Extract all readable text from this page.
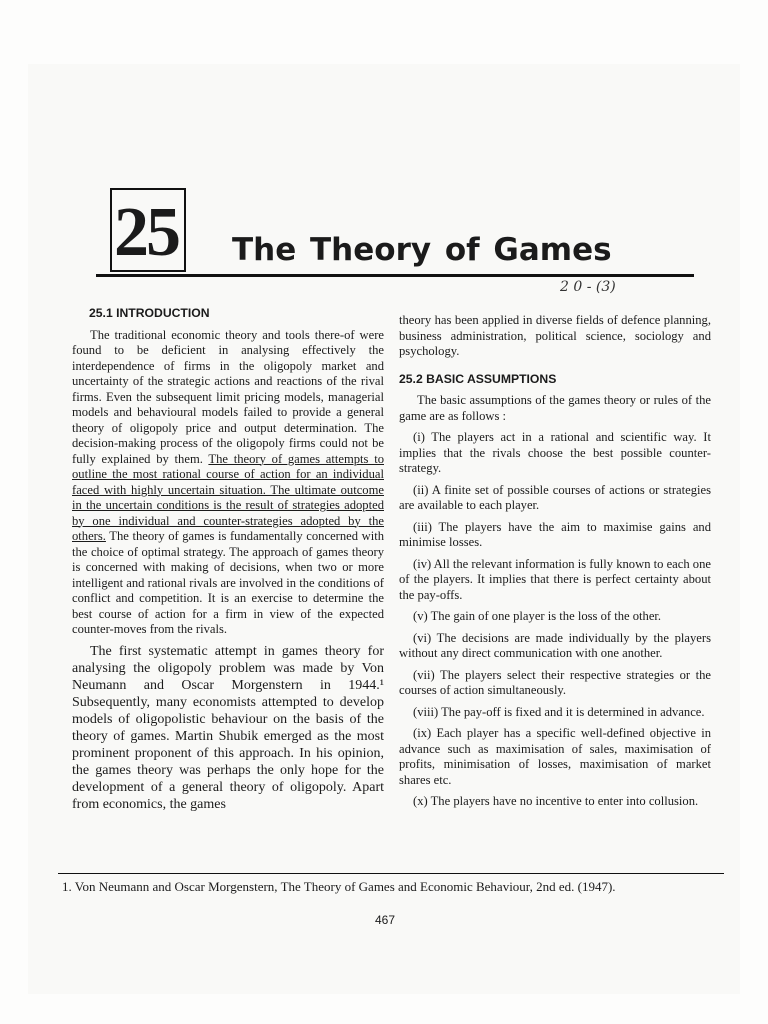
25 The Theory of Games
2 0 - (3)
25.1 INTRODUCTION

The traditional economic theory and tools there-of were found to be deficient in analysing effectively the interdependence of firms in the oligopoly market and uncertainty of the strategic actions and reactions of the rival firms. Even the subsequent limit pricing models, managerial models and behavioural models failed to provide a general theory of oligopoly price and output determination. The decision-making process of the oligopoly firms could not be fully explained by them. The theory of games attempts to outline the most rational course of action for an individual faced with highly uncertain situation. The ultimate outcome in the uncertain conditions is the result of strategies adopted by one individual and counter-strategies adopted by the others. The theory of games is fundamentally concerned with the choice of optimal strategy. The approach of games theory is concerned with making of decisions, when two or more intelligent and rational rivals are involved in the conditions of conflict and competition. It is an exercise to determine the best course of action for a firm in view of the expected counter-moves from the rivals.

The first systematic attempt in games theory for analysing the oligopoly problem was made by Von Neumann and Oscar Morgenstern in 1944.¹ Subsequently, many economists attempted to develop models of oligopolistic behaviour on the basis of the theory of games. Martin Shubik emerged as the most prominent proponent of this approach. In his opinion, the games theory was perhaps the only hope for the development of a general theory of oligopoly. Apart from economics, the games

theory has been applied in diverse fields of defence planning, business administration, political science, sociology and psychology.

25.2 BASIC ASSUMPTIONS

The basic assumptions of the games theory or rules of the game are as follows :

(i) The players act in a rational and scientific way. It implies that the rivals choose the best possible counter-strategy.

(ii) A finite set of possible courses of actions or strategies are available to each player.

(iii) The players have the aim to maximise gains and minimise losses.

(iv) All the relevant information is fully known to each one of the players. It implies that there is perfect certainty about the pay-offs.

(v) The gain of one player is the loss of the other.

(vi) The decisions are made individually by the players without any direct communication with one another.

(vii) The players select their respective strategies or the courses of action simultaneously.

(viii) The pay-off is fixed and it is determined in advance.

(ix) Each player has a specific well-defined objective in advance such as maximisation of sales, maximisation of profits, minimisation of losses, maximisation of market shares etc.

(x) The players have no incentive to enter into collusion.

1. Von Neumann and Oscar Morgenstern, The Theory of Games and Economic Behaviour, 2nd ed. (1947).
467
